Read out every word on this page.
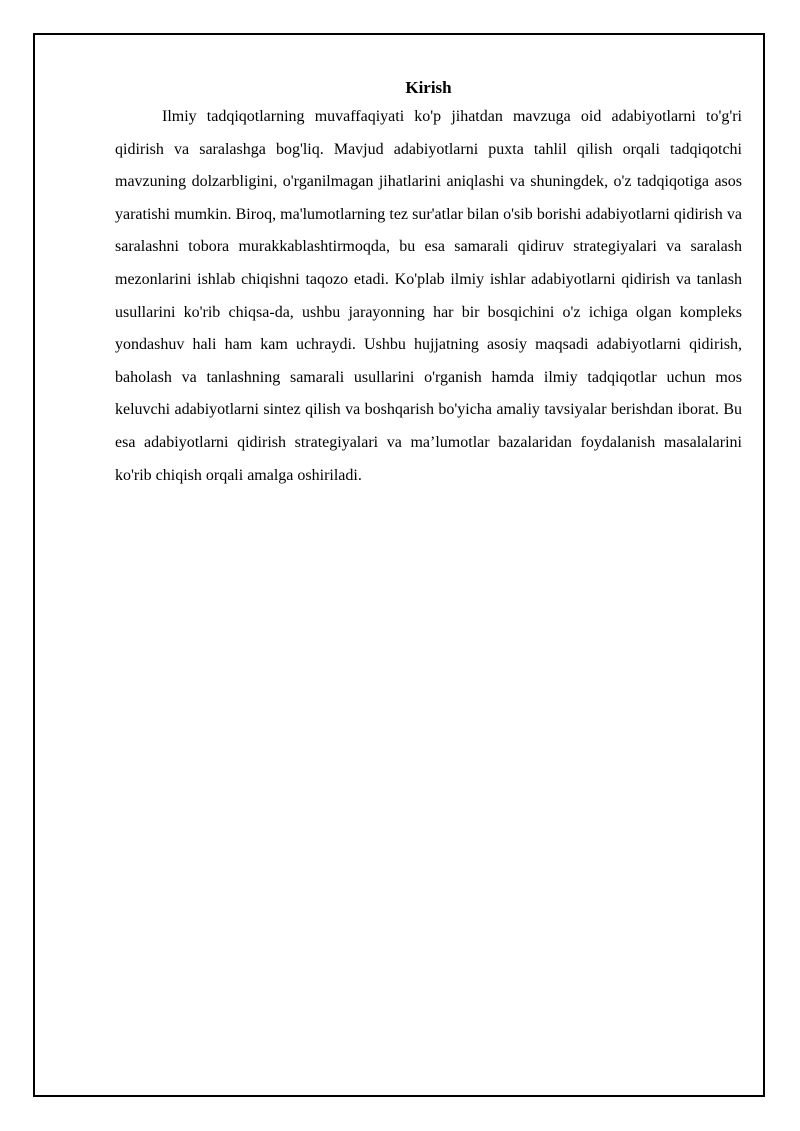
Kirish

Ilmiy tadqiqotlarning muvaffaqiyati ko'p jihatdan mavzuga oid adabiyotlarni to'g'ri qidirish va saralashga bog'liq. Mavjud adabiyotlarni puxta tahlil qilish orqali tadqiqotchi mavzuning dolzarbligini, o'rganilmagan jihatlarini aniqlashi va shuningdek, o'z tadqiqotiga asos yaratishi mumkin. Biroq, ma'lumotlarning tez sur'atlar bilan o'sib borishi adabiyotlarni qidirish va saralashni tobora murakkablashtirmoqda, bu esa samarali qidiruv strategiyalari va saralash mezonlarini ishlab chiqishni taqozo etadi. Ko'plab ilmiy ishlar adabiyotlarni qidirish va tanlash usullarini ko'rib chiqsa-da, ushbu jarayonning har bir bosqichini o'z ichiga olgan kompleks yondashuv hali ham kam uchraydi. Ushbu hujjatning asosiy maqsadi adabiyotlarni qidirish, baholash va tanlashning samarali usullarini o'rganish hamda ilmiy tadqiqotlar uchun mos keluvchi adabiyotlarni sintez qilish va boshqarish bo'yicha amaliy tavsiyalar berishdan iborat. Bu esa adabiyotlarni qidirish strategiyalari va ma’lumotlar bazalaridan foydalanish masalalarini ko'rib chiqish orqali amalga oshiriladi.
